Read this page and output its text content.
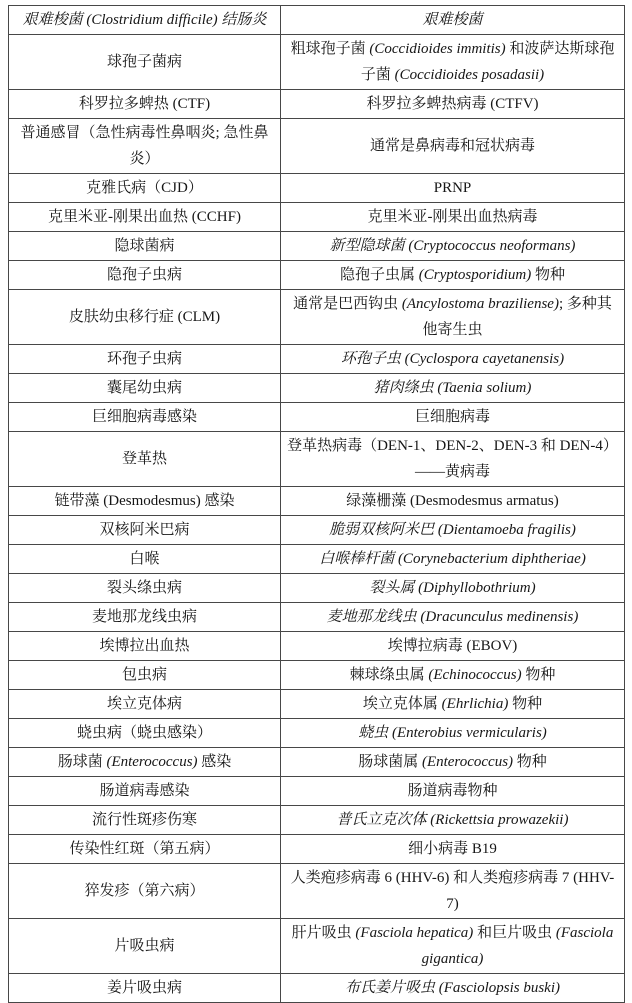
艰难梭菌 (Clostridium difficile) 结肠炎	艰难梭菌
球孢子菌病	粗球孢子菌 (Coccidioides immitis) 和波萨达斯球孢子菌 (Coccidioides posadasii)
科罗拉多蜱热 (CTF)	科罗拉多蜱热病毒 (CTFV)
普通感冒（急性病毒性鼻咽炎; 急性鼻炎）	通常是鼻病毒和冠状病毒
克雅氏病（CJD）	PRNP
克里米亚-刚果出血热 (CCHF)	克里米亚-刚果出血热病毒
隐球菌病	新型隐球菌 (Cryptococcus neoformans)
隐孢子虫病	隐孢子虫属 (Cryptosporidium) 物种
皮肤幼虫移行症 (CLM)	通常是巴西钩虫 (Ancylostoma braziliense); 多种其他寄生虫
环孢子虫病	环孢子虫 (Cyclospora cayetanensis)
囊尾幼虫病	猪肉绦虫 (Taenia solium)
巨细胞病毒感染	巨细胞病毒
登革热	登革热病毒（DEN-1、DEN-2、DEN-3 和 DEN-4）——黄病毒
链带藻 (Desmodesmus) 感染	绿藻栅藻 (Desmodesmus armatus)
双核阿米巴病	脆弱双核阿米巴 (Dientamoeba fragilis)
白喉	白喉棒杆菌 (Corynebacterium diphtheriae)
裂头绦虫病	裂头属 (Diphyllobothrium)
麦地那龙线虫病	麦地那龙线虫 (Dracunculus medinensis)
埃博拉出血热	埃博拉病毒 (EBOV)
包虫病	棘球绦虫属 (Echinococcus) 物种
埃立克体病	埃立克体属 (Ehrlichia) 物种
蛲虫病（蛲虫感染）	蛲虫 (Enterobius vermicularis)
肠球菌 (Enterococcus) 感染	肠球菌属 (Enterococcus) 物种
肠道病毒感染	肠道病毒物种
流行性斑疹伤寒	普氏立克次体 (Rickettsia prowazekii)
传染性红斑（第五病）	细小病毒 B19
猝发疹（第六病）	人类疱疹病毒 6 (HHV-6) 和人类疱疹病毒 7 (HHV-7)
片吸虫病	肝片吸虫 (Fasciola hepatica) 和巨片吸虫 (Fasciola gigantica)
姜片吸虫病	布氏姜片吸虫 (Fasciolopsis buski)
